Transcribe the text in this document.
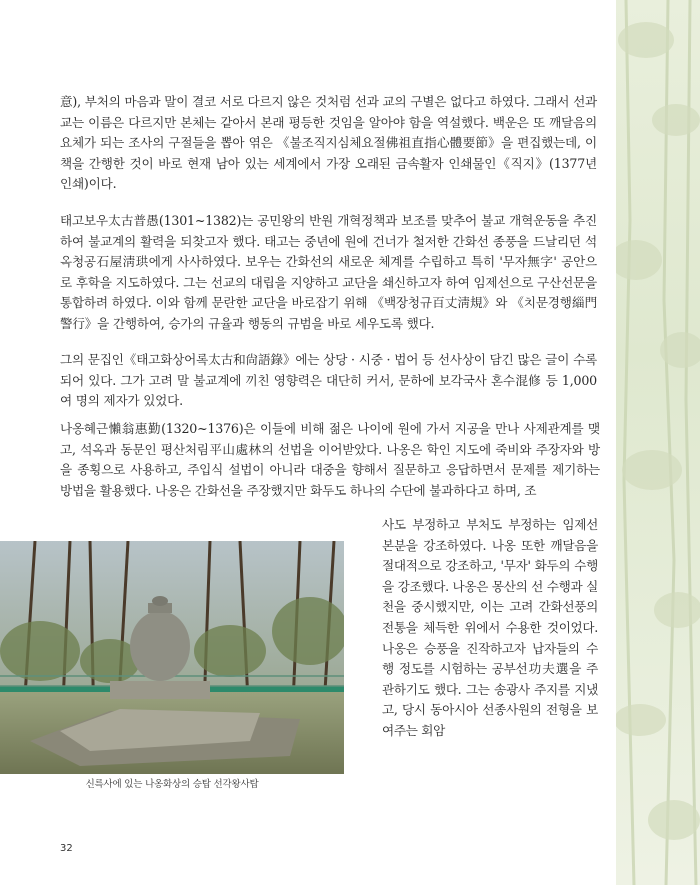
意), 부처의 마음과 말이 결코 서로 다르지 않은 것처럼 선과 교의 구별은 없다고 하였다. 그래서 선과 교는 이름은 다르지만 본체는 같아서 본래 평등한 것임을 알아야 함을 역설했다. 백운은 또 깨달음의 요체가 되는 조사의 구절들을 뽑아 엮은 《불조직지심체요절佛祖直指心體要節》을 편집했는데, 이 책을 간행한 것이 바로 현재 남아 있는 세계에서 가장 오래된 금속활자 인쇄물인《직지》(1377년 인쇄)이다.

태고보우太古普愚(1301~1382)는 공민왕의 반원 개혁정책과 보조를 맞추어 불교 개혁운동을 추진하여 불교계의 활력을 되찾고자 했다. 태고는 중년에 원에 건너가 철저한 간화선 종풍을 드날리던 석옥청공石屋淸珙에게 사사하였다. 보우는 간화선의 새로운 체계를 수립하고 특히 '무자無字' 공안으로 후학을 지도하였다. 그는 선교의 대립을 지양하고 교단을 쇄신하고자 하여 임제선으로 구산선문을 통합하려 하였다. 이와 함께 문란한 교단을 바로잡기 위해 《백장청규百丈淸規》와 《치문경행緇門警行》을 간행하여, 승가의 규율과 행동의 규범을 바로 세우도록 했다.

그의 문집인《태고화상어록太古和尙語錄》에는 상당 · 시중 · 법어 등 선사상이 담긴 많은 글이 수록되어 있다. 그가 고려 말 불교계에 끼친 영향력은 대단히 커서, 문하에 보각국사 혼수混修 등 1,000여 명의 제자가 있었다.

나옹혜근懶翁惠勤(1320~1376)은 이들에 비해 젊은 나이에 원에 가서 지공을 만나 사제관계를 맺고, 석옥과 동문인 평산처림平山處林의 선법을 이어받았다. 나옹은 학인 지도에 죽비와 주장자와 방을 종횡으로 사용하고, 주입식 설법이 아니라 대중을 향해서 질문하고 응답하면서 문제를 제기하는 방법을 활용했다. 나옹은 간화선을 주장했지만 화두도 하나의 수단에 불과하다고 하며, 조

사도 부정하고 부처도 부정하는 임제선 본분을 강조하였다. 나옹 또한 깨달음을 절대적으로 강조하고, '무자' 화두의 수행을 강조했다. 나옹은 몽산의 선 수행과 실천을 중시했지만, 이는 고려 간화선풍의 전통을 체득한 위에서 수용한 것이었다. 나옹은 승풍을 진작하고자 납자들의 수행 정도를 시험하는 공부선功夫選을 주관하기도 했다. 그는 송광사 주지를 지냈고, 당시 동아시아 선종사원의 전형을 보여주는 회암

신륵사에 있는 나옹화상의 승탑 선각왕사탑
32
